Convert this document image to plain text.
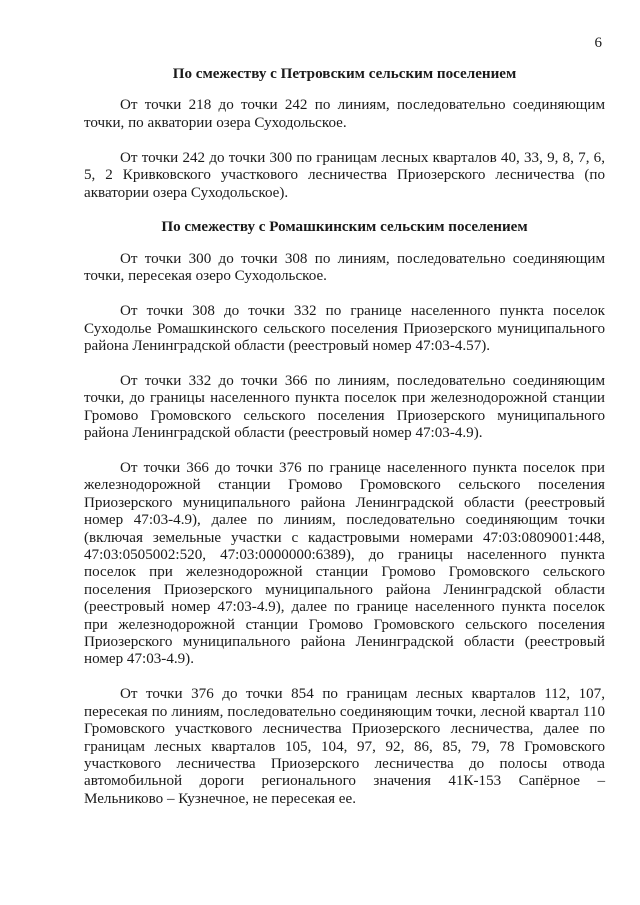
6

По смежеству с Петровским сельским поселением

От точки 218 до точки 242 по линиям, последовательно соединяющим точки, по акватории озера Суходольское.

От точки 242 до точки 300 по границам лесных кварталов 40, 33, 9, 8, 7, 6, 5, 2 Кривковского участкового лесничества Приозерского лесничества (по акватории озера Суходольское).

По смежеству с Ромашкинским сельским поселением

От точки 300 до точки 308 по линиям, последовательно соединяющим точки, пересекая озеро Суходольское.

От точки 308 до точки 332 по границе населенного пункта поселок Суходолье Ромашкинского сельского поселения Приозерского муниципального района Ленинградской области (реестровый номер 47:03-4.57).

От точки 332 до точки 366 по линиям, последовательно соединяющим точки, до границы населенного пункта поселок при железнодорожной станции Громово Громовского сельского поселения Приозерского муниципального района Ленинградской области (реестровый номер 47:03-4.9).

От точки 366 до точки 376 по границе населенного пункта поселок при железнодорожной станции Громово Громовского сельского поселения Приозерского муниципального района Ленинградской области (реестровый номер 47:03-4.9), далее по линиям, последовательно соединяющим точки (включая земельные участки с кадастровыми номерами 47:03:0809001:448, 47:03:0505002:520, 47:03:0000000:6389), до границы населенного пункта поселок при железнодорожной станции Громово Громовского сельского поселения Приозерского муниципального района Ленинградской области (реестровый номер 47:03-4.9), далее по границе населенного пункта поселок при железнодорожной станции Громово Громовского сельского поселения Приозерского муниципального района Ленинградской области (реестровый номер 47:03-4.9).

От точки 376 до точки 854 по границам лесных кварталов 112, 107, пересекая по линиям, последовательно соединяющим точки, лесной квартал 110 Громовского участкового лесничества Приозерского лесничества, далее по границам лесных кварталов 105, 104, 97, 92, 86, 85, 79, 78 Громовского участкового лесничества Приозерского лесничества до полосы отвода автомобильной дороги регионального значения 41К-153 Сапёрное – Мельниково – Кузнечное, не пересекая ее.
